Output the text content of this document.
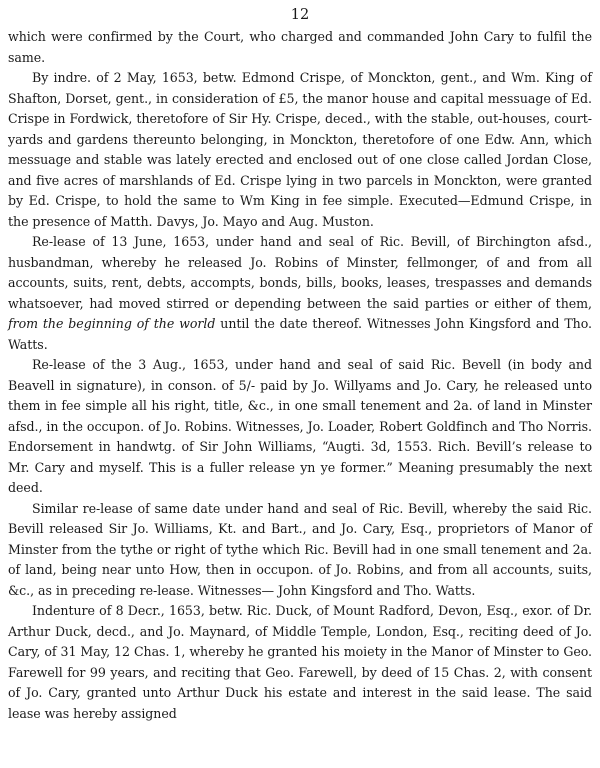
12

which were confirmed by the Court, who charged and commanded John Cary to fulfil the same.

By indre. of 2 May, 1653, betw. Edmond Crispe, of Monckton, gent., and Wm. King of Shafton, Dorset, gent., in consideration of £5, the manor house and capital messuage of Ed. Crispe in Fordwick, theretofore of Sir Hy. Crispe, deced., with the stable, out-houses, court-yards and gardens thereunto belonging, in Monckton, theretofore of one Edw. Ann, which messuage and stable was lately erected and enclosed out of one close called Jordan Close, and five acres of marshlands of Ed. Crispe lying in two parcels in Monckton, were granted by Ed. Crispe, to hold the same to Wm King in fee simple. Executed—Edmund Crispe, in the presence of Matth. Davys, Jo. Mayo and Aug. Muston.

Re-lease of 13 June, 1653, under hand and seal of Ric. Bevill, of Birchington afsd., husbandman, whereby he released Jo. Robins of Minster, fellmonger, of and from all accounts, suits, rent, debts, accompts, bonds, bills, books, leases, trespasses and demands whatsoever, had moved stirred or depending between the said parties or either of them, from the beginning of the world until the date thereof. Witnesses John Kingsford and Tho. Watts.

Re-lease of the 3 Aug., 1653, under hand and seal of said Ric. Bevell (in body and Beavell in signature), in conson. of 5/- paid by Jo. Willyams and Jo. Cary, he released unto them in fee simple all his right, title, &c., in one small tenement and 2a. of land in Minster afsd., in the occupon. of Jo. Robins. Witnesses, Jo. Loader, Robert Goldfinch and Tho Norris. Endorsement in handwtg. of Sir John Williams, “Augti. 3d, 1553. Rich. Bevill’s release to Mr. Cary and myself. This is a fuller release yn ye former.” Meaning presumably the next deed.

Similar re-lease of same date under hand and seal of Ric. Bevill, whereby the said Ric. Bevill released Sir Jo. Williams, Kt. and Bart., and Jo. Cary, Esq., proprietors of Manor of Minster from the tythe or right of tythe which Ric. Bevill had in one small tenement and 2a. of land, being near unto How, then in occupon. of Jo. Robins, and from all accounts, suits, &c., as in preceding re-lease. Witnesses— John Kingsford and Tho. Watts.

Indenture of 8 Decr., 1653, betw. Ric. Duck, of Mount Radford, Devon, Esq., exor. of Dr. Arthur Duck, decd., and Jo. Maynard, of Middle Temple, London, Esq., reciting deed of Jo. Cary, of 31 May, 12 Chas. 1, whereby he granted his moiety in the Manor of Minster to Geo. Farewell for 99 years, and reciting that Geo. Farewell, by deed of 15 Chas. 2, with consent of Jo. Cary, granted unto Arthur Duck his estate and interest in the said lease. The said lease was hereby assigned
